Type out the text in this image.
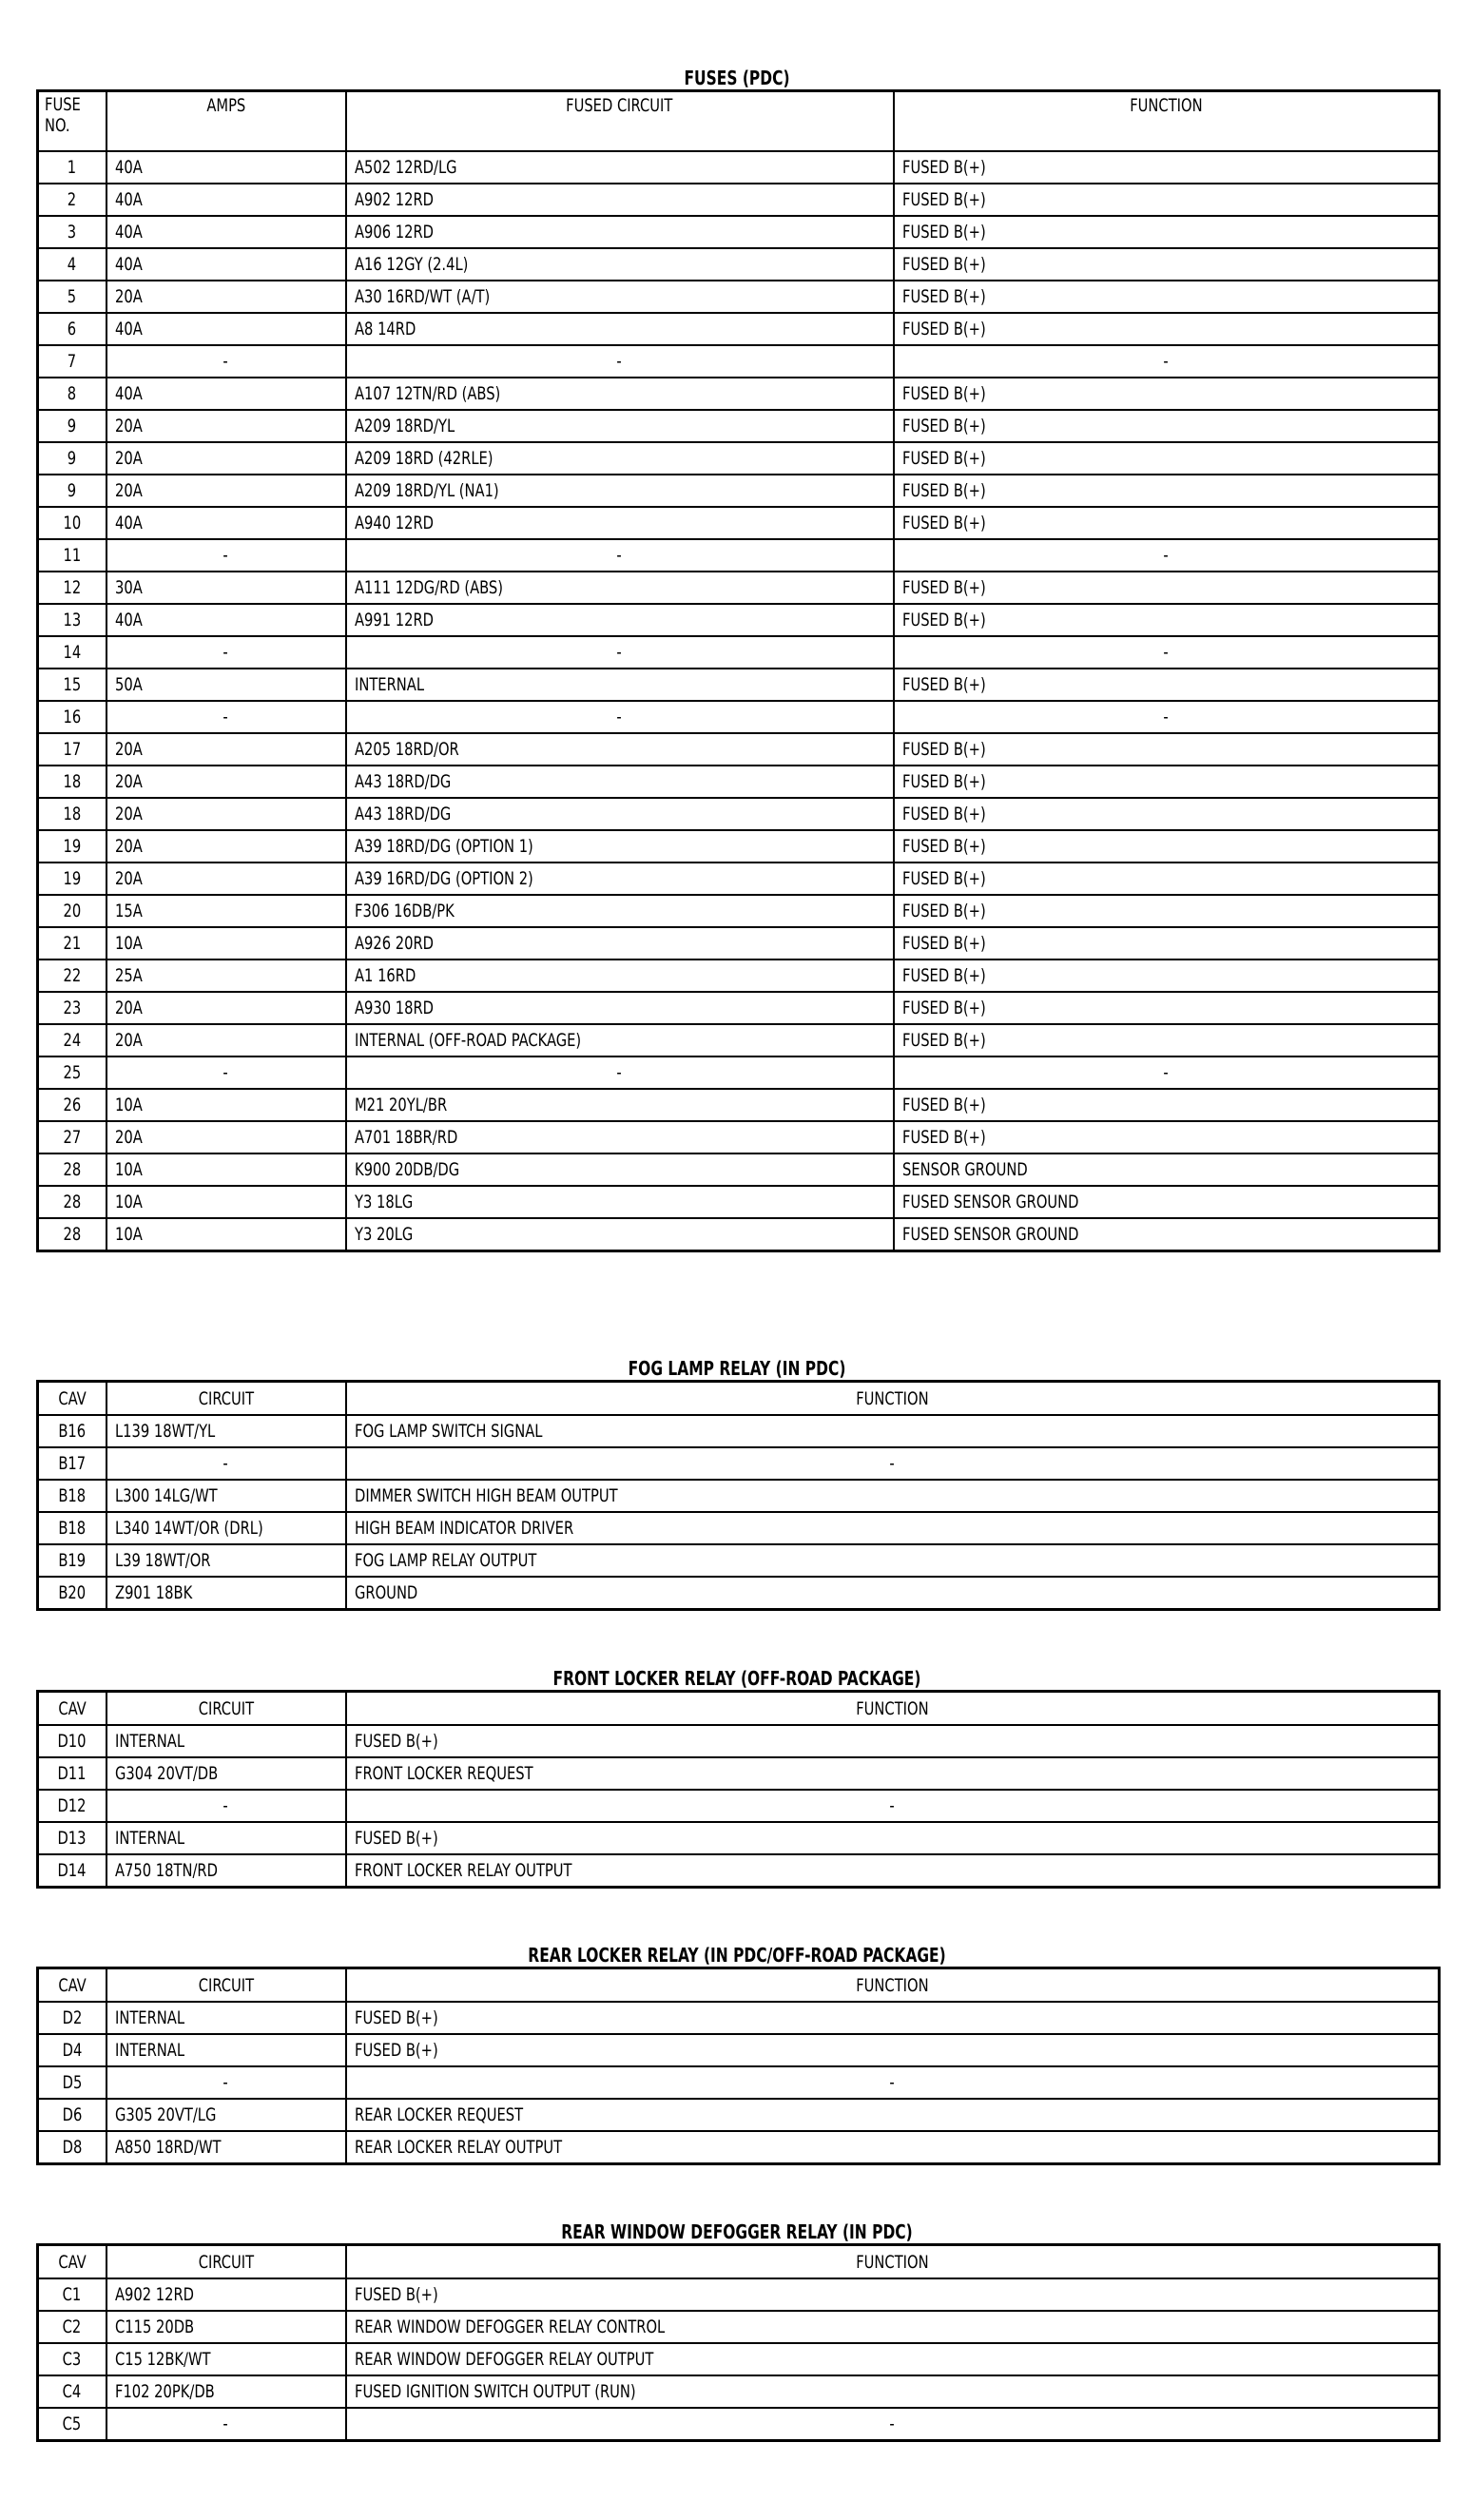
FUSES (PDC)
FUSE
NO.	AMPS	FUSED CIRCUIT	FUNCTION
1	40A	A502 12RD/LG	FUSED B(+)
2	40A	A902 12RD	FUSED B(+)
3	40A	A906 12RD	FUSED B(+)
4	40A	A16 12GY (2.4L)	FUSED B(+)
5	20A	A30 16RD/WT (A/T)	FUSED B(+)
6	40A	A8 14RD	FUSED B(+)
7	-	-	-
8	40A	A107 12TN/RD (ABS)	FUSED B(+)
9	20A	A209 18RD/YL	FUSED B(+)
9	20A	A209 18RD (42RLE)	FUSED B(+)
9	20A	A209 18RD/YL (NA1)	FUSED B(+)
10	40A	A940 12RD	FUSED B(+)
11	-	-	-
12	30A	A111 12DG/RD (ABS)	FUSED B(+)
13	40A	A991 12RD	FUSED B(+)
14	-	-	-
15	50A	INTERNAL	FUSED B(+)
16	-	-	-
17	20A	A205 18RD/OR	FUSED B(+)
18	20A	A43 18RD/DG	FUSED B(+)
18	20A	A43 18RD/DG	FUSED B(+)
19	20A	A39 18RD/DG (OPTION 1)	FUSED B(+)
19	20A	A39 16RD/DG (OPTION 2)	FUSED B(+)
20	15A	F306 16DB/PK	FUSED B(+)
21	10A	A926 20RD	FUSED B(+)
22	25A	A1 16RD	FUSED B(+)
23	20A	A930 18RD	FUSED B(+)
24	20A	INTERNAL (OFF-ROAD PACKAGE)	FUSED B(+)
25	-	-	-
26	10A	M21 20YL/BR	FUSED B(+)
27	20A	A701 18BR/RD	FUSED B(+)
28	10A	K900 20DB/DG	SENSOR GROUND
28	10A	Y3 18LG	FUSED SENSOR GROUND
28	10A	Y3 20LG	FUSED SENSOR GROUND
FOG LAMP RELAY (IN PDC)
CAV	CIRCUIT	FUNCTION
B16	L139 18WT/YL	FOG LAMP SWITCH SIGNAL
B17	-	-
B18	L300 14LG/WT	DIMMER SWITCH HIGH BEAM OUTPUT
B18	L340 14WT/OR (DRL)	HIGH BEAM INDICATOR DRIVER
B19	L39 18WT/OR	FOG LAMP RELAY OUTPUT
B20	Z901 18BK	GROUND
FRONT LOCKER RELAY (OFF-ROAD PACKAGE)
CAV	CIRCUIT	FUNCTION
D10	INTERNAL	FUSED B(+)
D11	G304 20VT/DB	FRONT LOCKER REQUEST
D12	-	-
D13	INTERNAL	FUSED B(+)
D14	A750 18TN/RD	FRONT LOCKER RELAY OUTPUT
REAR LOCKER RELAY (IN PDC/OFF-ROAD PACKAGE)
CAV	CIRCUIT	FUNCTION
D2	INTERNAL	FUSED B(+)
D4	INTERNAL	FUSED B(+)
D5	-	-
D6	G305 20VT/LG	REAR LOCKER REQUEST
D8	A850 18RD/WT	REAR LOCKER RELAY OUTPUT
REAR WINDOW DEFOGGER RELAY (IN PDC)
CAV	CIRCUIT	FUNCTION
C1	A902 12RD	FUSED B(+)
C2	C115 20DB	REAR WINDOW DEFOGGER RELAY CONTROL
C3	C15 12BK/WT	REAR WINDOW DEFOGGER RELAY OUTPUT
C4	F102 20PK/DB	FUSED IGNITION SWITCH OUTPUT (RUN)
C5	-	-
